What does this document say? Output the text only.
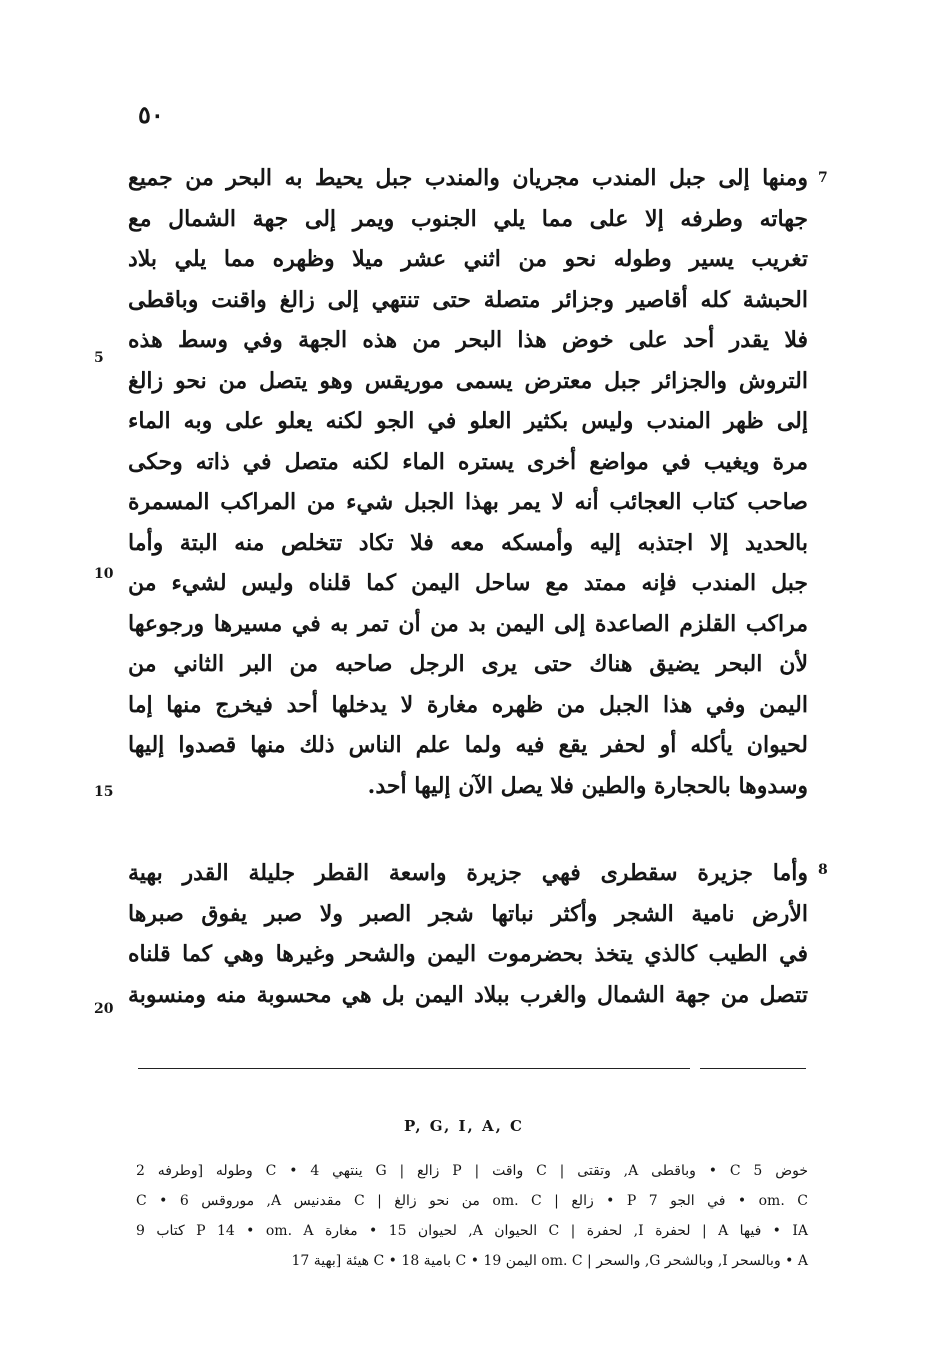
٥٠
7
ومنها إلى جبل المندب مجريان والمندب جبل يحيط به البحر من جميع
جهاته وطرفه إلا على مما يلي الجنوب ويمر إلى جهة الشمال مع
تغريب يسير وطوله نحو من اثني عشر ميلا وظهره مما يلي بلاد
الحبشة كله أقاصير وجزائر متصلة حتى تنتهي إلى زالغ واقنت وباقطى
فلا يقدر أحد على خوض هذا البحر من هذه الجهة وفي وسط هذه
التروش والجزائر جبل معترض يسمى موريقس وهو يتصل من نحو زالغ
إلى ظهر المندب وليس بكثير العلو في الجو لكنه يعلو على وبه الماء
مرة ويغيب في مواضع أخرى يستره الماء لكنه متصل في ذاته وحكى
صاحب كتاب العجائب أنه لا يمر بهذا الجبل شيء من المراكب المسمرة
بالحديد إلا اجتذبه إليه وأمسكه معه فلا تكاد تتخلص منه البتة وأما
جبل المندب فإنه ممتد مع ساحل اليمن كما قلناه وليس لشيء من
مراكب القلزم الصاعدة إلى اليمن بد من أن تمر به في مسيرها ورجوعها
لأن البحر يضيق هناك حتى يرى الرجل صاحبه من البر الثاني من
اليمن وفي هذا الجبل من ظهره مغارة لا يدخلها أحد فيخرج منها إما
لحيوان يأكله أو لحفر يقع فيه ولما علم الناس ذلك منها قصدوا إليها
وسدوها بالحجارة والطين فلا يصل الآن إليها أحد.
5
10
15
8
وأما جزيرة سقطرى فهي جزيرة واسعة القطر جليلة القدر بهية
الأرض نامية الشجر وأكثر نباتها شجر الصبر ولا صبر يفوق صبرها
في الطيب كالذي يتخذ بحضرموت اليمن والشحر وغيرها وهي كما قلناه
تتصل من جهة الشمال والغرب ببلاد اليمن بل هي محسوبة منه ومنسوبة
20
P, G, I, A, C
خوض 5 C • وباقطى ‎A, وتقتى | C واقت | P زالع | G ينتهي 4 • C وطوله [وطرفه 2
om. C • في الجو 7 P • زالع | om. C من نحو زالغ | C مقدنيس ‎A, موروقس 6 • C
IA • فيها A | لحفرة ‎I, لحفرة | C الحيوان ‎A, لحيوان 15 • مغارة P 14 • om. A كتاب 9
A • وبالسحر ‎I, وبالشحر ‎G, والسحر | om. C اليمن 19 • C بامية 18 • C هيئة [بهية 17
